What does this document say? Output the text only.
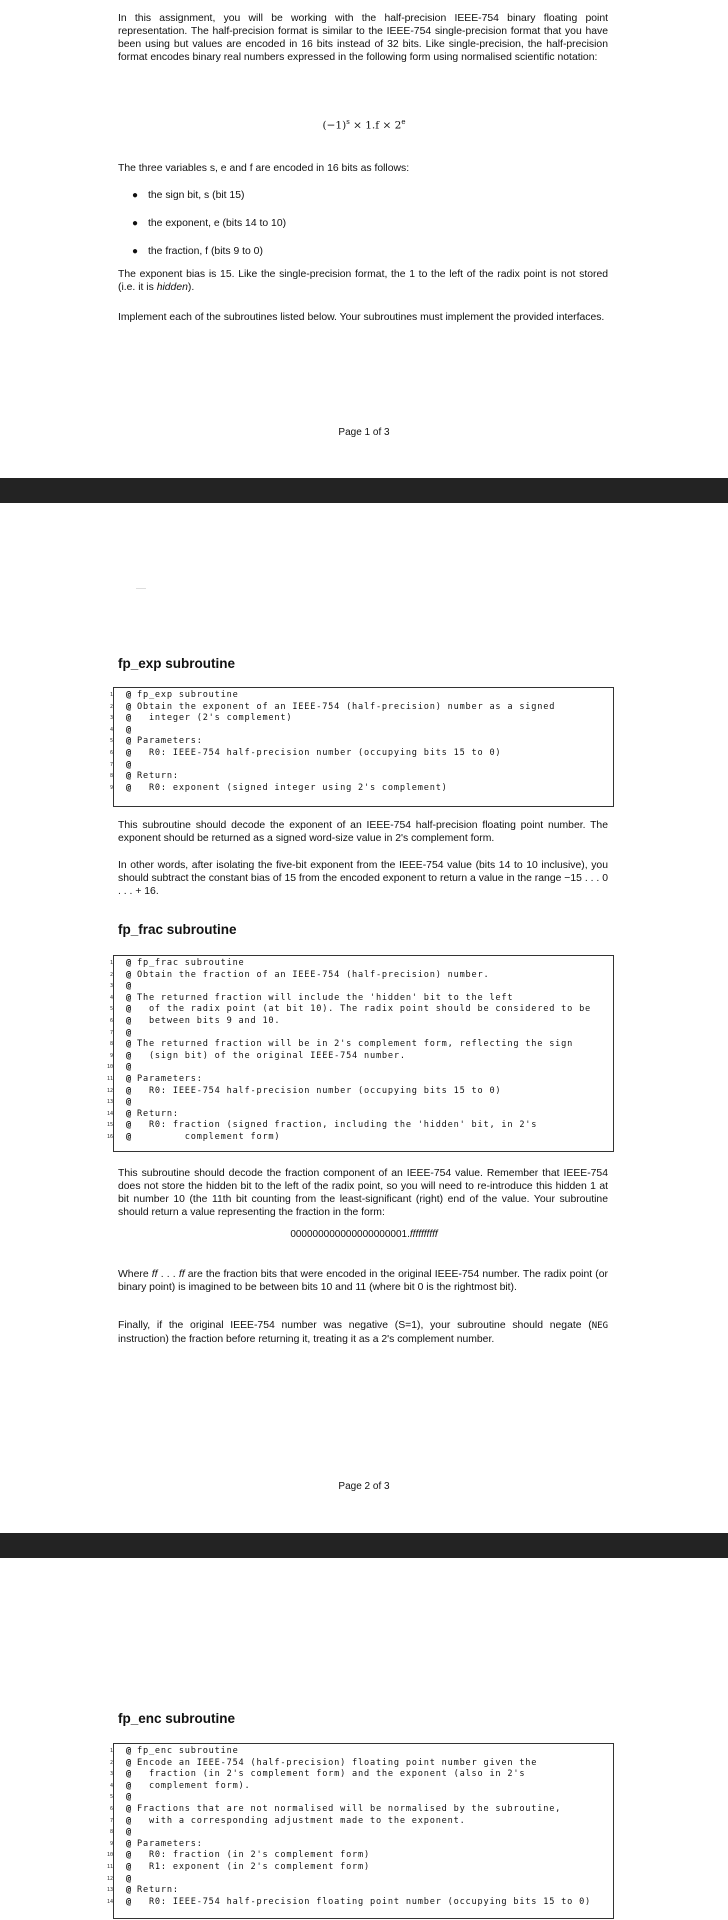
In this assignment, you will be working with the half-precision IEEE-754 binary floating point representation. The half-precision format is similar to the IEEE-754 single-precision format that you have been using but values are encoded in 16 bits instead of 32 bits. Like single-precision, the half-precision format encodes binary real numbers expressed in the following form using normalised scientific notation:

$(-1)^s \times 1.f \times 2^e$

The three variables s, e and f are encoded in 16 bits as follows:

● the sign bit, s (bit 15)
● the exponent, e (bits 14 to 10)
● the fraction, f (bits 9 to 0)

The exponent bias is 15. Like the single-precision format, the 1 to the left of the radix point is not stored (i.e. it is hidden).

Implement each of the subroutines listed below. Your subroutines must implement the provided interfaces.

Page 1 of 3
fp_exp subroutine
1 @ fp_exp subroutine
2 @ Obtain the exponent of an IEEE-754 (half-precision) number as a signed
3 @  integer (2's complement)
4 @
5 @ Parameters:
6 @  R0: IEEE-754 half-precision number (occupying bits 15 to 0)
7 @
8 @ Return:
9 @  R0: exponent (signed integer using 2's complement)

This subroutine should decode the exponent of an IEEE-754 half-precision floating point number. The exponent should be returned as a signed word-size value in 2's complement form.

In other words, after isolating the five-bit exponent from the IEEE-754 value (bits 14 to 10 inclusive), you should subtract the constant bias of 15 from the encoded exponent to return a value in the range −15 . . . 0 . . . + 16.

fp_frac subroutine
1 @ fp_frac subroutine
2 @ Obtain the fraction of an IEEE-754 (half-precision) number.
3 @
4 @ The returned fraction will include the 'hidden' bit to the left
5 @  of the radix point (at bit 10). The radix point should be considered to be
6 @  between bits 9 and 10.
7 @
8 @ The returned fraction will be in 2's complement form, reflecting the sign
9 @  (sign bit) of the original IEEE-754 number.
10 @
11 @ Parameters:
12 @  R0: IEEE-754 half-precision number (occupying bits 15 to 0)
13 @
14 @ Return:
15 @  R0: fraction (signed fraction, including the 'hidden' bit, in 2's
16 @        complement form)

This subroutine should decode the fraction component of an IEEE-754 value. Remember that IEEE-754 does not store the hidden bit to the left of the radix point, so you will need to re-introduce this hidden 1 at bit number 10 (the 11th bit counting from the least-significant (right) end of the value. Your subroutine should return a value representing the fraction in the form:

000000000000000000001.ffffffffff

Where ff . . . ff are the fraction bits that were encoded in the original IEEE-754 number. The radix point (or binary point) is imagined to be between bits 10 and 11 (where bit 0 is the rightmost bit).

Finally, if the original IEEE-754 number was negative (S=1), your subroutine should negate (NEG instruction) the fraction before returning it, treating it as a 2's complement number.

Page 2 of 3
fp_enc subroutine
1 @ fp_enc subroutine
2 @ Encode an IEEE-754 (half-precision) floating point number given the
3 @  fraction (in 2's complement form) and the exponent (also in 2's
4 @  complement form).
5 @
6 @ Fractions that are not normalised will be normalised by the subroutine,
7 @  with a corresponding adjustment made to the exponent.
8 @
9 @ Parameters:
10 @  R0: fraction (in 2's complement form)
11 @  R1: exponent (in 2's complement form)
12 @
13 @ Return:
14 @  R0: IEEE-754 half-precision floating point number (occupying bits 15 to 0)
